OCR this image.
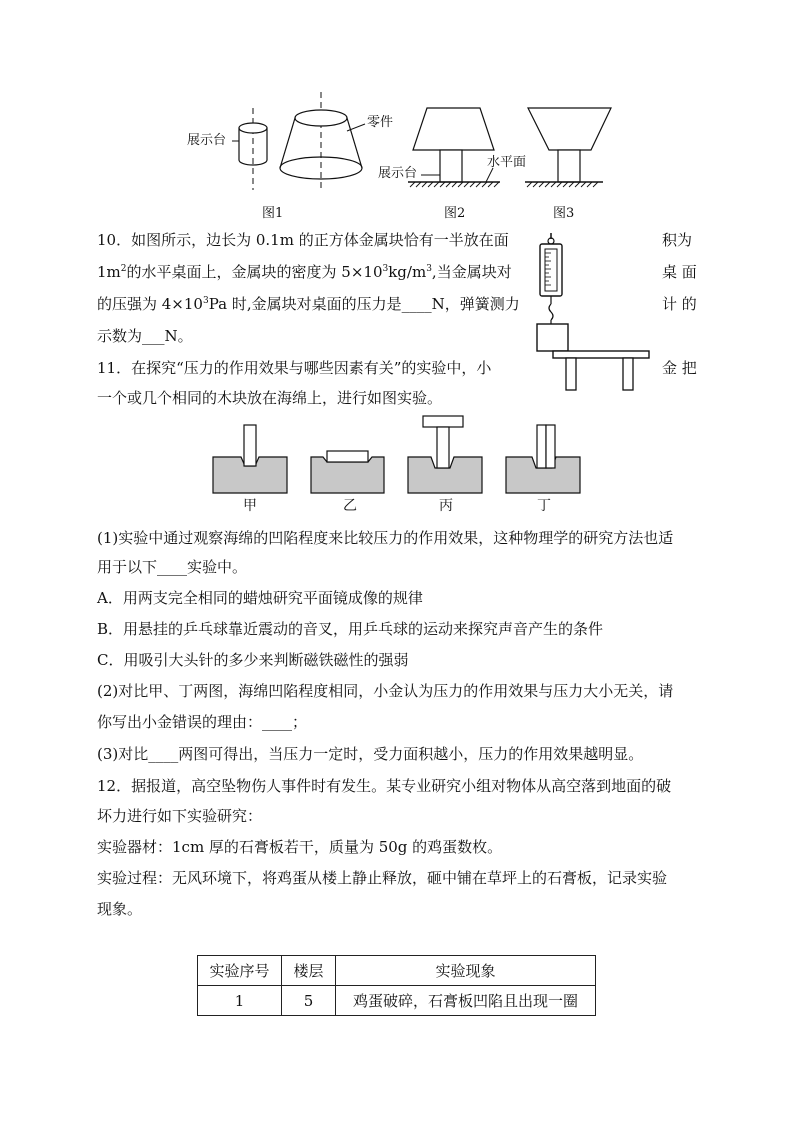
展示台
零件
展示台
水平面
图1	图2	图3
10．如图所示，边长为 0.1m 的正方体金属块恰有一半放在面	积为
$1m^2$的水平桌面上，金属块的密度为 $5\times 10^3kg/m^3$,当金属块对	桌 面
的压强为 $4\times 10^3Pa$ 时,金属块对桌面的压力是____N，弹簧测力	计 的
示数为___N。
11．在探究“压力的作用效果与哪些因素有关”的实验中，小	金 把
一个或几个相同的木块放在海绵上，进行如图实验。
甲	乙	丙	丁
(1)实验中通过观察海绵的凹陷程度来比较压力的作用效果，这种物理学的研究方法也适
用于以下____实验中。
A．用两支完全相同的蜡烛研究平面镜成像的规律
B．用悬挂的乒乓球靠近震动的音叉，用乒乓球的运动来探究声音产生的条件
C．用吸引大头针的多少来判断磁铁磁性的强弱
(2)对比甲、丁两图，海绵凹陷程度相同，小金认为压力的作用效果与压力大小无关，请
你写出小金错误的理由：____；
(3)对比____两图可得出，当压力一定时，受力面积越小，压力的作用效果越明显。
12．据报道，高空坠物伤人事件时有发生。某专业研究小组对物体从高空落到地面的破
坏力进行如下实验研究：
实验器材：1cm 厚的石膏板若干，质量为 50g 的鸡蛋数枚。
实验过程：无风环境下，将鸡蛋从楼上静止释放，砸中铺在草坪上的石膏板，记录实验
现象。
实验序号	楼层	实验现象
1	5	鸡蛋破碎，石膏板凹陷且出现一圈
